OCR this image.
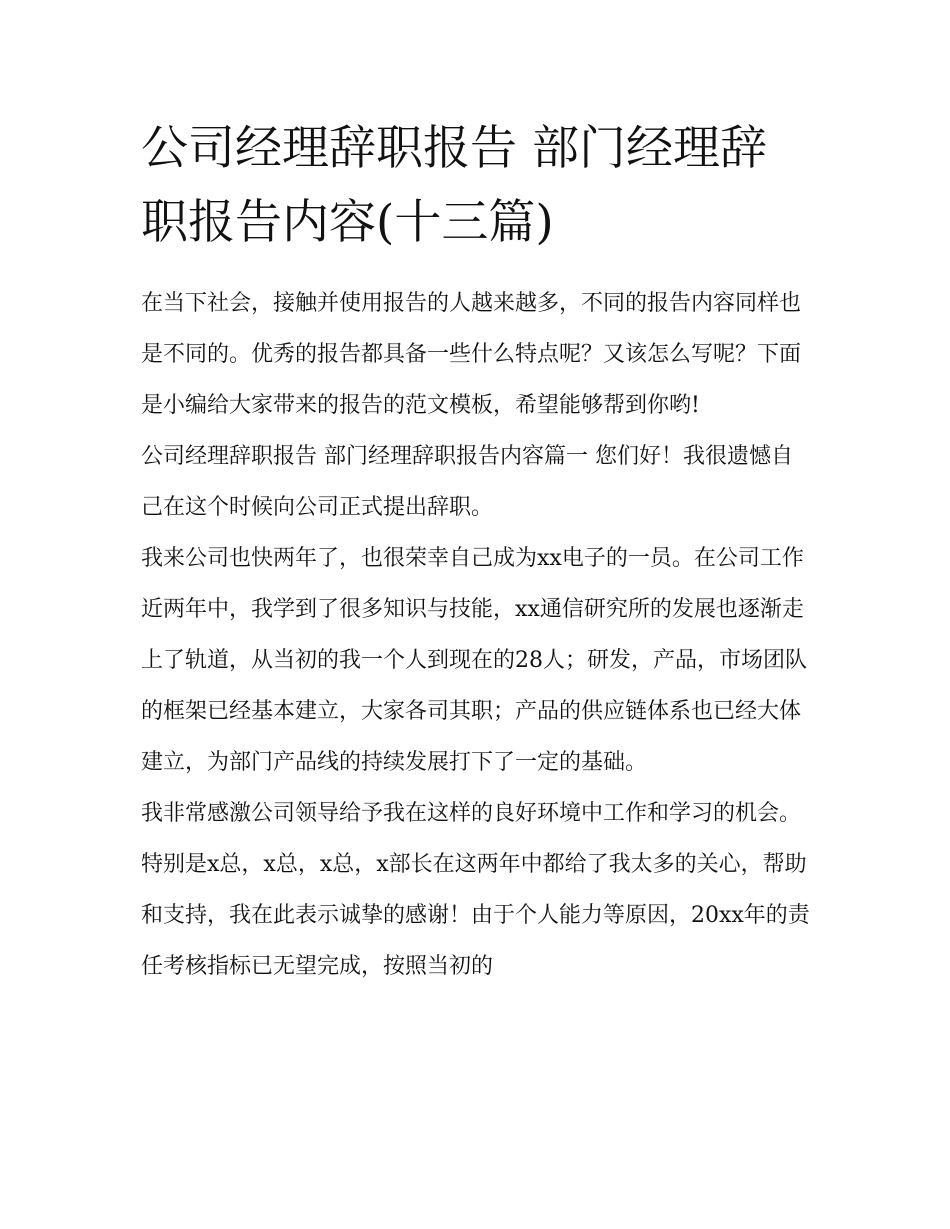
公司经理辞职报告 部门经理辞职报告内容(十三篇)

在当下社会，接触并使用报告的人越来越多，不同的报告内容同样也是不同的。优秀的报告都具备一些什么特点呢？又该怎么写呢？下面是小编给大家带来的报告的范文模板，希望能够帮到你哟!

公司经理辞职报告 部门经理辞职报告内容篇一 您们好！我很遗憾自己在这个时候向公司正式提出辞职。

我来公司也快两年了，也很荣幸自己成为xx电子的一员。在公司工作近两年中，我学到了很多知识与技能，xx通信研究所的发展也逐渐走上了轨道，从当初的我一个人到现在的28人；研发，产品，市场团队的框架已经基本建立，大家各司其职；产品的供应链体系也已经大体建立，为部门产品线的持续发展打下了一定的基础。

我非常感激公司领导给予我在这样的良好环境中工作和学习的机会。特别是x总，x总，x总，x部长在这两年中都给了我太多的关心，帮助和支持，我在此表示诚挚的感谢！由于个人能力等原因，20xx年的责任考核指标已无望完成，按照当初的
